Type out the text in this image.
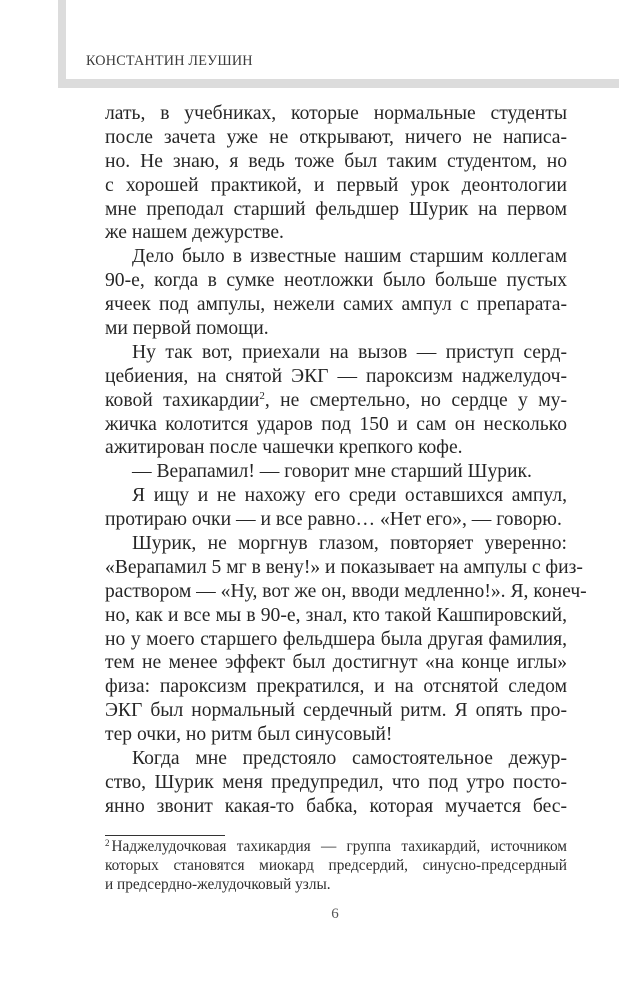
КОНСТАНТИН ЛЕУШИН
лать, в учебниках, которые нормальные студенты
после зачета уже не открывают, ничего не написа-
но. Не знаю, я ведь тоже был таким студентом, но
с хорошей практикой, и первый урок деонтологии
мне преподал старший фельдшер Шурик на первом
же нашем дежурстве.
Дело было в известные нашим старшим коллегам
90-е, когда в сумке неотложки было больше пустых
ячеек под ампулы, нежели самих ампул с препарата-
ми первой помощи.
Ну так вот, приехали на вызов — приступ серд-
цебиения, на снятой ЭКГ — пароксизм наджелудоч-
ковой тахикардии$^2$, не смертельно, но сердце у му-
жичка колотится ударов под 150 и сам он несколько
ажитирован после чашечки крепкого кофе.
— Верапамил! — говорит мне старший Шурик.
Я ищу и не нахожу его среди оставшихся ампул,
протираю очки — и все равно… «Нет его», — говорю.
Шурик, не моргнув глазом, повторяет уверенно:
«Верапамил 5 мг в вену!» и показывает на ампулы с физ-
раствором — «Ну, вот же он, вводи медленно!». Я, конеч-
но, как и все мы в 90-е, знал, кто такой Кашпировский,
но у моего старшего фельдшера была другая фамилия,
тем не менее эффект был достигнут «на конце иглы»
физа: пароксизм прекратился, и на отснятой следом
ЭКГ был нормальный сердечный ритм. Я опять про-
тер очки, но ритм был синусовый!
Когда мне предстояло самостоятельное дежур-
ство, Шурик меня предупредил, что под утро посто-
янно звонит какая-то бабка, которая мучается бес-
$^2$ Наджелудочковая тахикардия — группа тахикардий, источником
которых становятся миокард предсердий, синусно-предсердный
и предсердно-желудочковый узлы.
6
